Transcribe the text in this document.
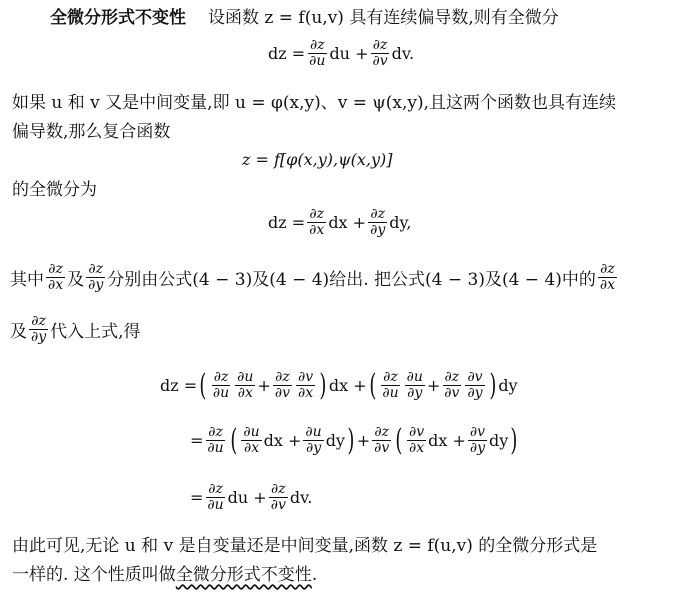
全微分形式不变性 设函数 z = f(u,v) 具有连续偏导数,则有全微分
dz = $\frac{\partial z}{\partial u}$ du + $\frac{\partial z}{\partial v}$ dv.
如果 u 和 v 又是中间变量,即 u = φ(x,y)、v = ψ(x,y),且这两个函数也具有连续
偏导数,那么复合函数
z = f[φ(x,y),ψ(x,y)]
的全微分为
dz = $\frac{\partial z}{\partial x}$ dx + $\frac{\partial z}{\partial y}$ dy,
其中 $\frac{\partial z}{\partial x}$ 及 $\frac{\partial z}{\partial y}$ 分别由公式(4 − 3)及(4 − 4)给出. 把公式(4 − 3)及(4 − 4)中的 $\frac{\partial z}{\partial x}$
及 $\frac{\partial z}{\partial y}$ 代入上式,得
dz = ( $\frac{\partial z}{\partial u} \frac{\partial u}{\partial x} + \frac{\partial z}{\partial v} \frac{\partial v}{\partial x}$ ) dx + ( $\frac{\partial z}{\partial u} \frac{\partial u}{\partial y} + \frac{\partial z}{\partial v} \frac{\partial v}{\partial y}$ ) dy
= $\frac{\partial z}{\partial u}$ ( $\frac{\partial u}{\partial x}$ dx + $\frac{\partial u}{\partial y}$ dy ) + $\frac{\partial z}{\partial v}$ ( $\frac{\partial v}{\partial x}$ dx + $\frac{\partial v}{\partial y}$ dy )
= $\frac{\partial z}{\partial u}$ du + $\frac{\partial z}{\partial v}$ dv.
由此可见,无论 u 和 v 是自变量还是中间变量,函数 z = f(u,v) 的全微分形式是
一样的. 这个性质叫做全微分形式不变性.
